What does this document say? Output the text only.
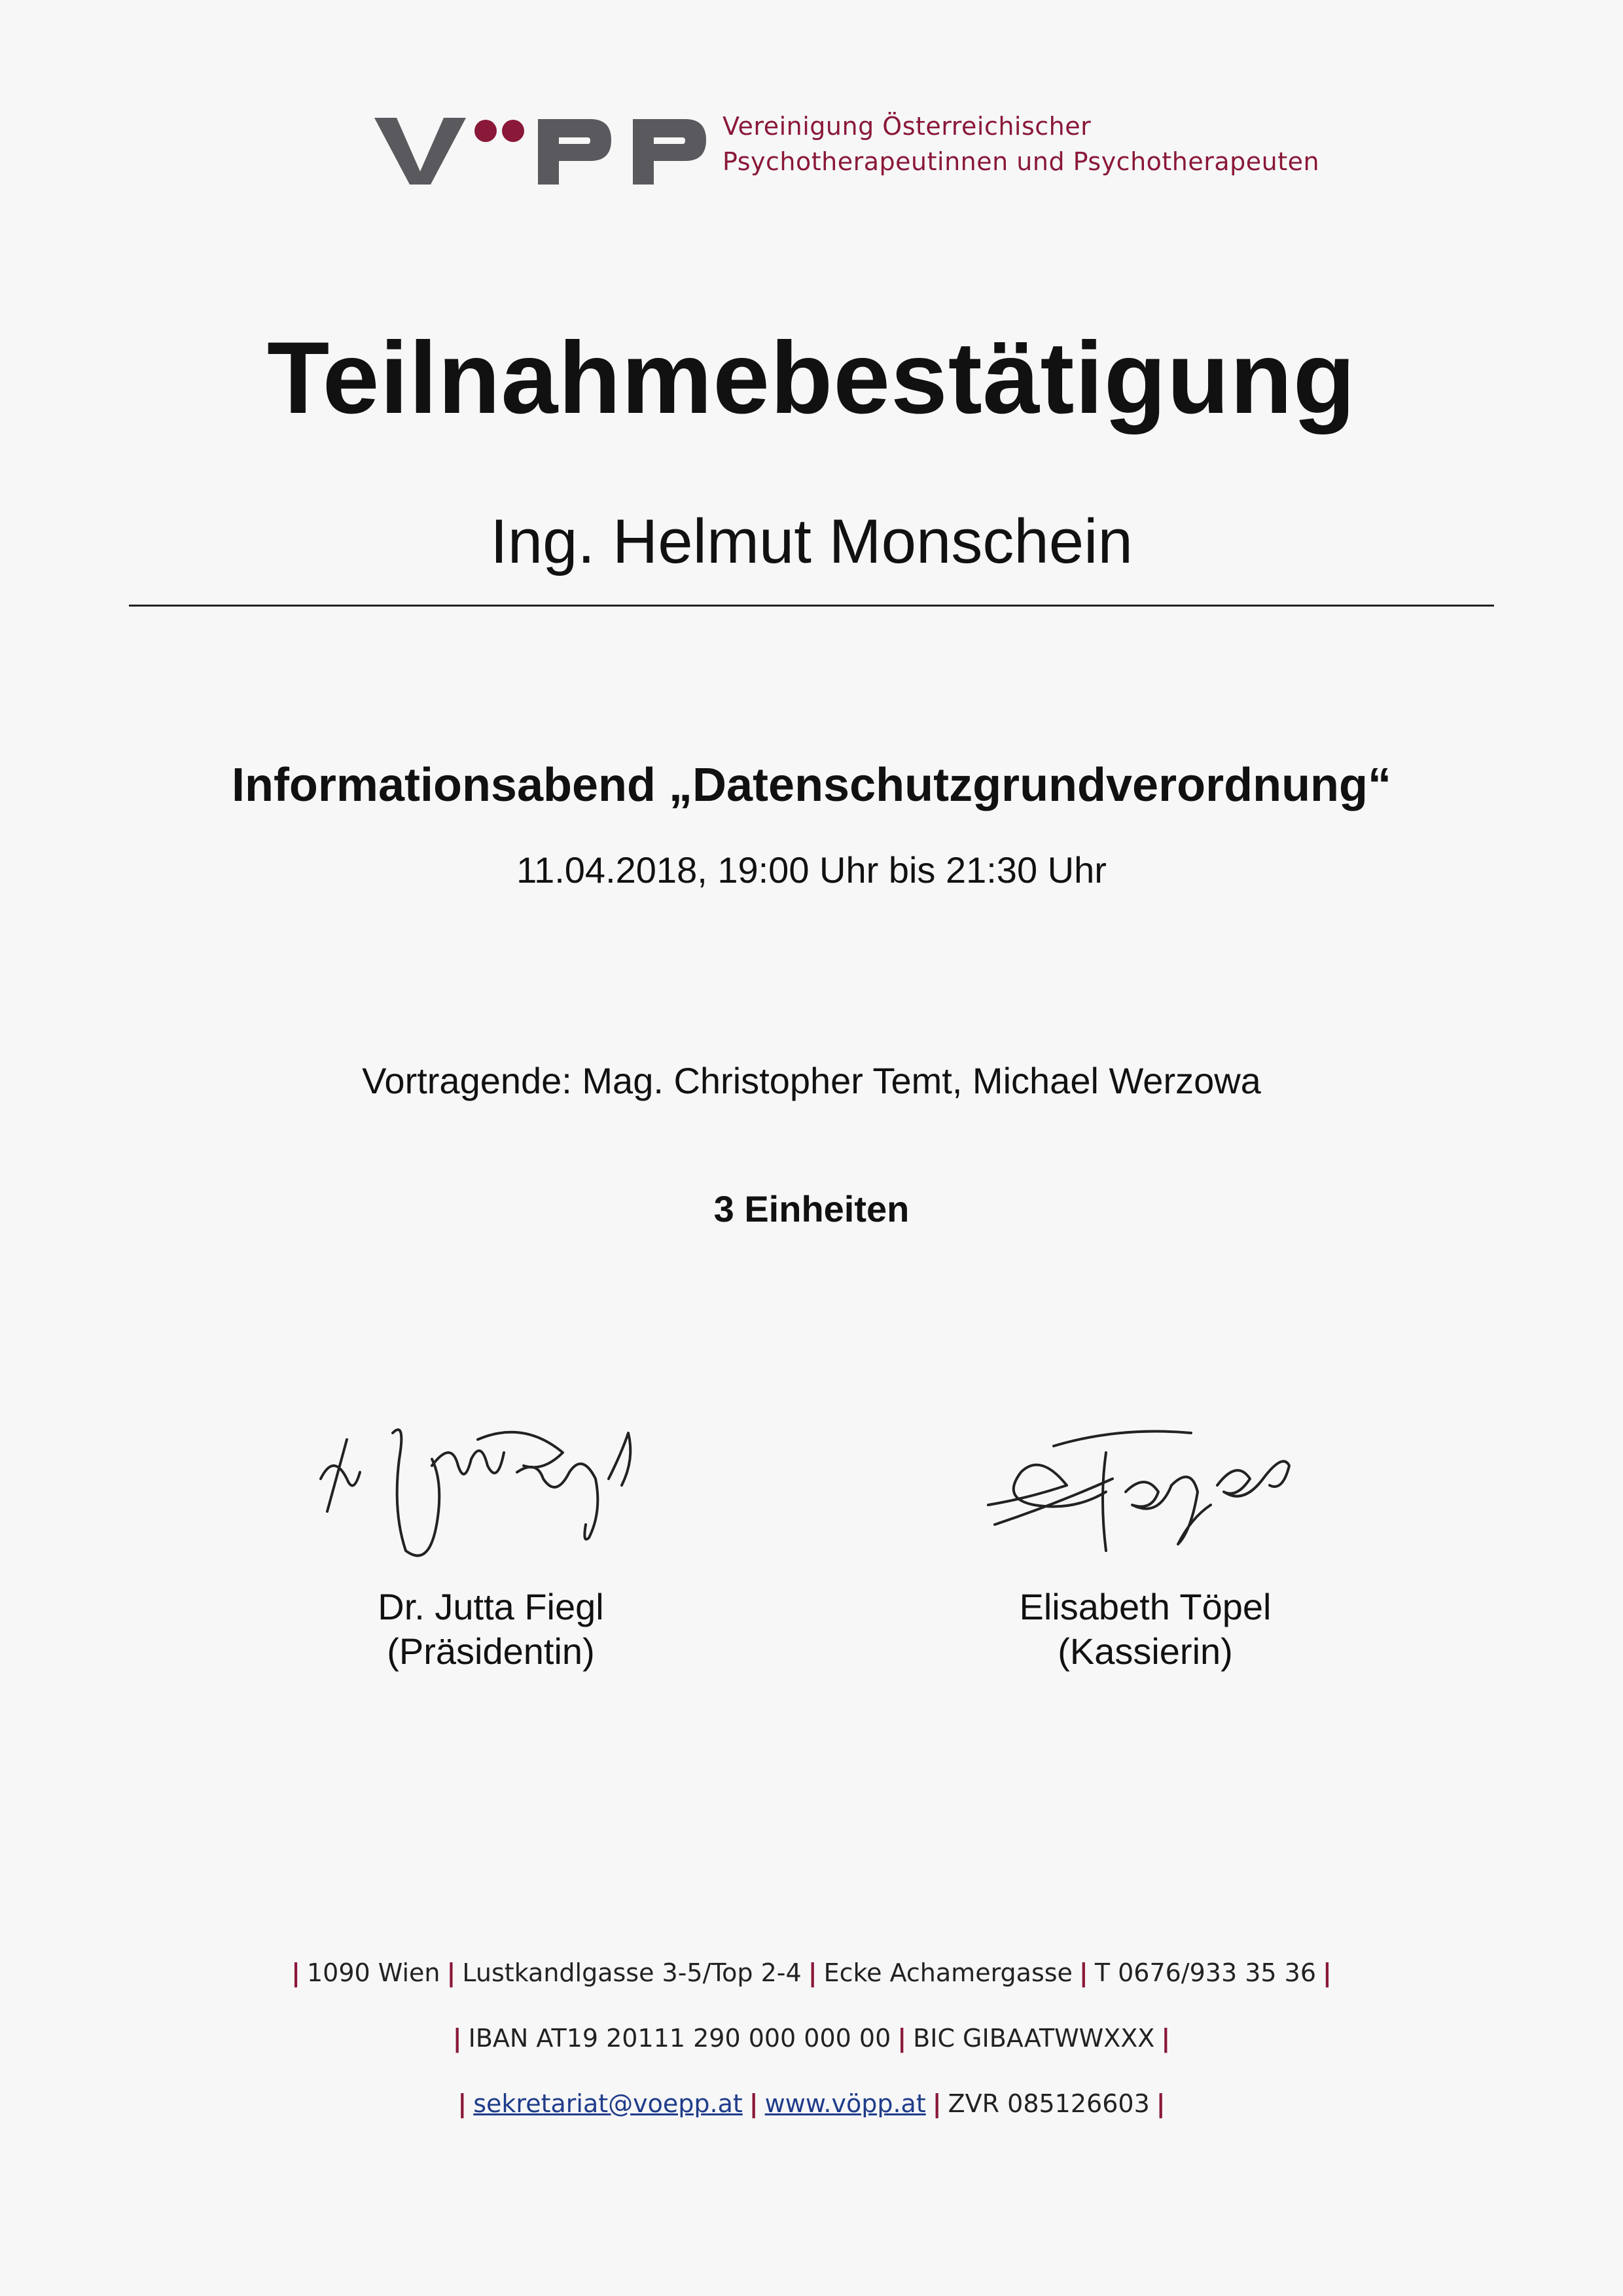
Vereinigung Österreichischer
Psychotherapeutinnen und Psychotherapeuten
Teilnahmebestätigung
Ing. Helmut Monschein
Informationsabend „Datenschutzgrundverordnung“
11.04.2018, 19:00 Uhr bis 21:30 Uhr
Vortragende: Mag. Christopher Temt, Michael Werzowa
3 Einheiten
Dr. Jutta Fiegl
(Präsidentin)
Elisabeth Töpel
(Kassierin)
| 1090 Wien | Lustkandlgasse 3-5/Top 2-4 | Ecke Achamergasse | T 0676/933 35 36 |
| IBAN AT19 20111 290 000 000 00 | BIC GIBAATWWXXX |
| sekretariat@voepp.at | www.vöpp.at | ZVR 085126603 |
